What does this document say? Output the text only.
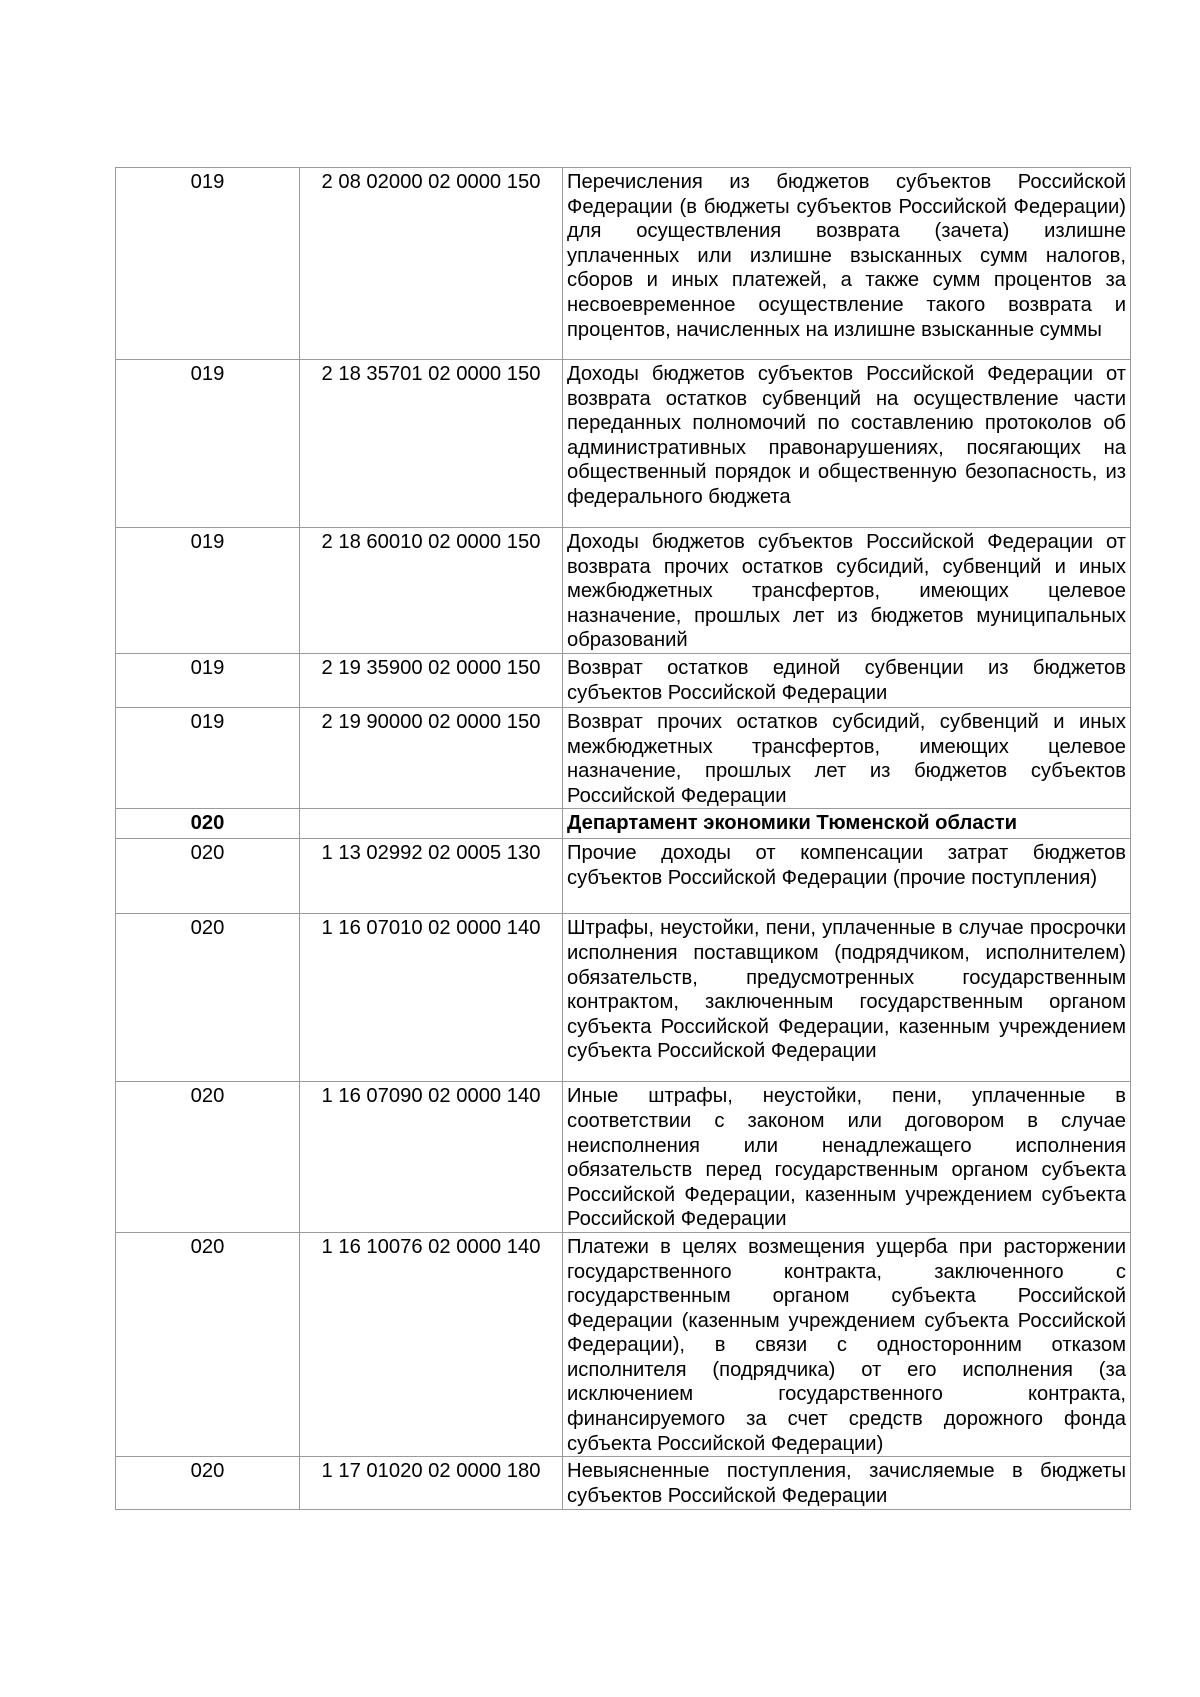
019	2 08 02000 02 0000 150	Перечисления из бюджетов субъектов Российской Федерации (в бюджеты субъектов Российской Федерации) для осуществления возврата (зачета) излишне уплаченных или излишне взысканных сумм налогов, сборов и иных платежей, а также сумм процентов за несвоевременное осуществление такого возврата и процентов, начисленных на излишне взысканные суммы
019	2 18 35701 02 0000 150	Доходы бюджетов субъектов Российской Федерации от возврата остатков субвенций на осуществление части переданных полномочий по составлению протоколов об административных правонарушениях, посягающих на общественный порядок и общественную безопасность, из федерального бюджета
019	2 18 60010 02 0000 150	Доходы бюджетов субъектов Российской Федерации от возврата прочих остатков субсидий, субвенций и иных межбюджетных трансфертов, имеющих целевое назначение, прошлых лет из бюджетов муниципальных образований
019	2 19 35900 02 0000 150	Возврат остатков единой субвенции из бюджетов субъектов Российской Федерации
019	2 19 90000 02 0000 150	Возврат прочих остатков субсидий, субвенций и иных межбюджетных трансфертов, имеющих целевое назначение, прошлых лет из бюджетов субъектов Российской Федерации
020		Департамент экономики Тюменской области
020	1 13 02992 02 0005 130	Прочие доходы от компенсации затрат бюджетов субъектов Российской Федерации (прочие поступления)
020	1 16 07010 02 0000 140	Штрафы, неустойки, пени, уплаченные в случае просрочки исполнения поставщиком (подрядчиком, исполнителем) обязательств, предусмотренных государственным контрактом, заключенным государственным органом субъекта Российской Федерации, казенным учреждением субъекта Российской Федерации
020	1 16 07090 02 0000 140	Иные штрафы, неустойки, пени, уплаченные в соответствии с законом или договором в случае неисполнения или ненадлежащего исполнения обязательств перед государственным органом субъекта Российской Федерации, казенным учреждением субъекта Российской Федерации
020	1 16 10076 02 0000 140	Платежи в целях возмещения ущерба при расторжении государственного контракта, заключенного с государственным органом субъекта Российской Федерации (казенным учреждением субъекта Российской Федерации), в связи с односторонним отказом исполнителя (подрядчика) от его исполнения (за исключением государственного контракта, финансируемого за счет средств дорожного фонда субъекта Российской Федерации)
020	1 17 01020 02 0000 180	Невыясненные поступления, зачисляемые в бюджеты субъектов Российской Федерации
